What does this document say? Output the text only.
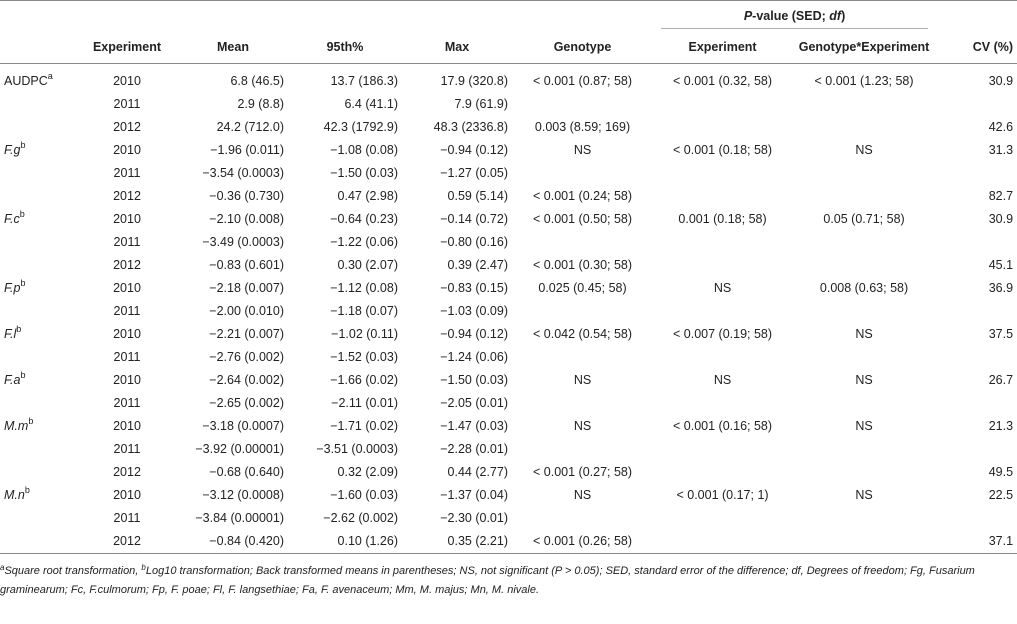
						P-value (SED; df)	

	Experiment	Mean	95th%	Max	Genotype	Experiment	Genotype*Experiment	CV (%)
AUDPC$^a$	2010	6.8 (46.5)	13.7 (186.3)	17.9 (320.8)	< 0.001 (0.87; 58)	< 0.001 (0.32, 58)	< 0.001 (1.23; 58)	30.9
	2011	2.9 (8.8)	6.4 (41.1)	7.9 (61.9)				
	2012	24.2 (712.0)	42.3 (1792.9)	48.3 (2336.8)	0.003 (8.59; 169)			42.6
$F.g^b$	2010	−1.96 (0.011)	−1.08 (0.08)	−0.94 (0.12)	NS	< 0.001 (0.18; 58)	NS	31.3
	2011	−3.54 (0.0003)	−1.50 (0.03)	−1.27 (0.05)				
	2012	−0.36 (0.730)	0.47 (2.98)	0.59 (5.14)	< 0.001 (0.24; 58)			82.7
$F.c^b$	2010	−2.10 (0.008)	−0.64 (0.23)	−0.14 (0.72)	< 0.001 (0.50; 58)	0.001 (0.18; 58)	0.05 (0.71; 58)	30.9
	2011	−3.49 (0.0003)	−1.22 (0.06)	−0.80 (0.16)				
	2012	−0.83 (0.601)	0.30 (2.07)	0.39 (2.47)	< 0.001 (0.30; 58)			45.1
$F.p^b$	2010	−2.18 (0.007)	−1.12 (0.08)	−0.83 (0.15)	0.025 (0.45; 58)	NS	0.008 (0.63; 58)	36.9
	2011	−2.00 (0.010)	−1.18 (0.07)	−1.03 (0.09)				
$F.l^b$	2010	−2.21 (0.007)	−1.02 (0.11)	−0.94 (0.12)	< 0.042 (0.54; 58)	< 0.007 (0.19; 58)	NS	37.5
	2011	−2.76 (0.002)	−1.52 (0.03)	−1.24 (0.06)				
$F.a^b$	2010	−2.64 (0.002)	−1.66 (0.02)	−1.50 (0.03)	NS	NS	NS	26.7
	2011	−2.65 (0.002)	−2.11 (0.01)	−2.05 (0.01)				
$M.m^b$	2010	−3.18 (0.0007)	−1.71 (0.02)	−1.47 (0.03)	NS	< 0.001 (0.16; 58)	NS	21.3
	2011	−3.92 (0.00001)	−3.51 (0.0003)	−2.28 (0.01)				
	2012	−0.68 (0.640)	0.32 (2.09)	0.44 (2.77)	< 0.001 (0.27; 58)			49.5
$M.n^b$	2010	−3.12 (0.0008)	−1.60 (0.03)	−1.37 (0.04)	NS	< 0.001 (0.17; 1)	NS	22.5
	2011	−3.84 (0.00001)	−2.62 (0.002)	−2.30 (0.01)				
	2012	−0.84 (0.420)	0.10 (1.26)	0.35 (2.21)	< 0.001 (0.26; 58)			37.1
$^a$Square root transformation, $^b$Log10 transformation; Back transformed means in parentheses; NS, not significant (P > 0.05); SED, standard error of the difference; df, Degrees of freedom; Fg, Fusarium graminearum; Fc, F.culmorum; Fp, F. poae; Fl, F. langsethiae; Fa, F. avenaceum; Mm, M. majus; Mn, M. nivale.
